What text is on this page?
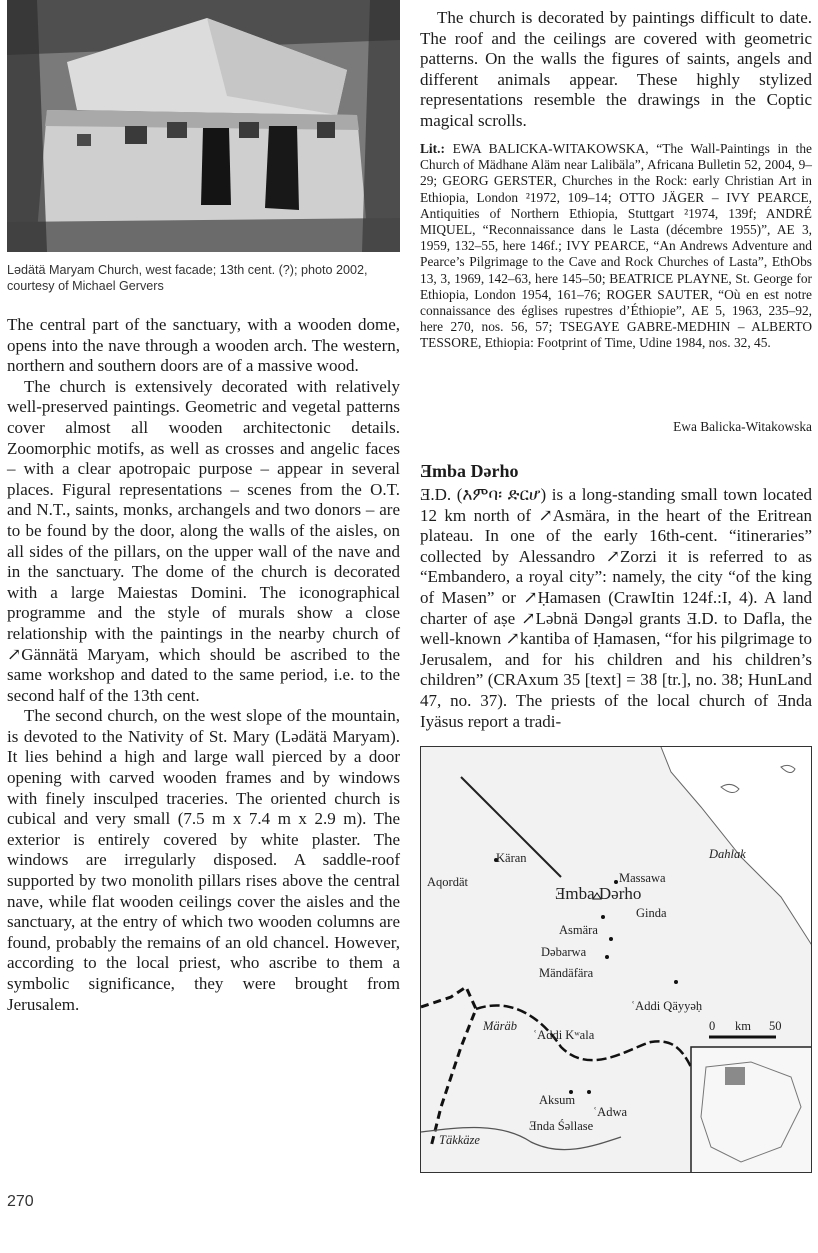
Lədätä Maryam Church, west facade; 13th cent. (?); photo 2002, courtesy of Michael Gervers

The central part of the sanctuary, with a wooden dome, opens into the nave through a wooden arch. The western, northern and southern doors are of a massive wood.

The church is extensively decorated with relatively well-preserved paintings. Geometric and vegetal patterns cover almost all wooden architectonic details. Zoomorphic motifs, as well as crosses and angelic faces – with a clear apotropaic purpose – appear in several places. Figural representations – scenes from the O.T. and N.T., saints, monks, archangels and two donors – are to be found by the door, along the walls of the aisles, on all sides of the pillars, on the upper wall of the nave and in the sanctuary. The dome of the church is decorated with a large Maiestas Domini. The iconographical programme and the style of murals show a close relationship with the paintings in the nearby church of ↗Gännätä Maryam, which should be ascribed to the same workshop and dated to the same period, i.e. to the second half of the 13th cent.

The second church, on the west slope of the mountain, is devoted to the Nativity of St. Mary (Lədätä Maryam). It lies behind a high and large wall pierced by a door opening with carved wooden frames and by windows with finely insculped traceries. The oriented church is cubical and very small (7.5 m x 7.4 m x 2.9 m). The exterior is entirely covered by white plaster. The windows are irregularly disposed. A saddle-roof supported by two monolith pillars rises above the central nave, while flat wooden ceilings cover the aisles and the sanctuary, at the entry of which two wooden columns are found, probably the remains of an old chancel. However, according to the local priest, who ascribe to them a symbolic significance, they were brought from Jerusalem.

The church is decorated by paintings difficult to date. The roof and the ceilings are covered with geometric patterns. On the walls the figures of saints, angels and different animals appear. These highly stylized representations resemble the drawings in the Coptic magical scrolls.

Lit.: EWA BALICKA-WITAKOWSKA, “The Wall-Paintings in the Church of Mädhane Aläm near Lalibäla”, Africana Bulletin 52, 2004, 9–29; GEORG GERSTER, Churches in the Rock: early Christian Art in Ethiopia, London ²1972, 109–14; OTTO JÄGER – IVY PEARCE, Antiquities of Northern Ethiopia, Stuttgart ²1974, 139f; ANDRÉ MIQUEL, “Reconnaissance dans le Lasta (décembre 1955)”, AE 3, 1959, 132–55, here 146f.; IVY PEARCE, “An Andrews Adventure and Pearce’s Pilgrimage to the Cave and Rock Churches of Lasta”, EthObs 13, 3, 1969, 142–63, here 145–50; BEATRICE PLAYNE, St. George for Ethiopia, London 1954, 161–76; ROGER SAUTER, “Où en est notre connaissance des églises rupestres d’Éthiopie”, AE 5, 1963, 235–92, here 270, nos. 56, 57; TSEGAYE GABRE-MEDHIN – ALBERTO TESSORE, Ethiopia: Footprint of Time, Udine 1984, nos. 32, 45.
Ewa Balicka-Witakowska
Ǝmba Dərho

Ǝ.D. (እምባ፡ ድርሆ) is a long-standing small town located 12 km north of ↗Asmära, in the heart of the Eritrean plateau. In one of the early 16th-cent. “itineraries” collected by Alessandro ↗Zorzi it is referred to as “Embandero, a royal city”: namely, the city “of the king of Masen” or ↗Ḥamasen (CrawItin 124f.:I, 4). A land charter of aṣe ↗Ləbnä Dəngəl grants Ǝ.D. to Dafla, the well-known ↗kantiba of Ḥamasen, “for his pilgrimage to Jerusalem, and for his children and his children’s children” (CRAxum 35 [text] = 38 [tr.], no. 38; HunLand 47, no. 37). The priests of the local church of Ǝnda Iyäsus report a tradi-

Dahlak
Käran
Massawa
Aqordät
Ǝmba Dərho
Ginda
Asmära
Dəbarwa
Mändäfära
ʿAddi Qäyyəḥ
Märäb
ʿAddi Kʷala
0 km 50
Aksum
ʿAdwa
Ǝnda Śəllase
Täkkäze
270
